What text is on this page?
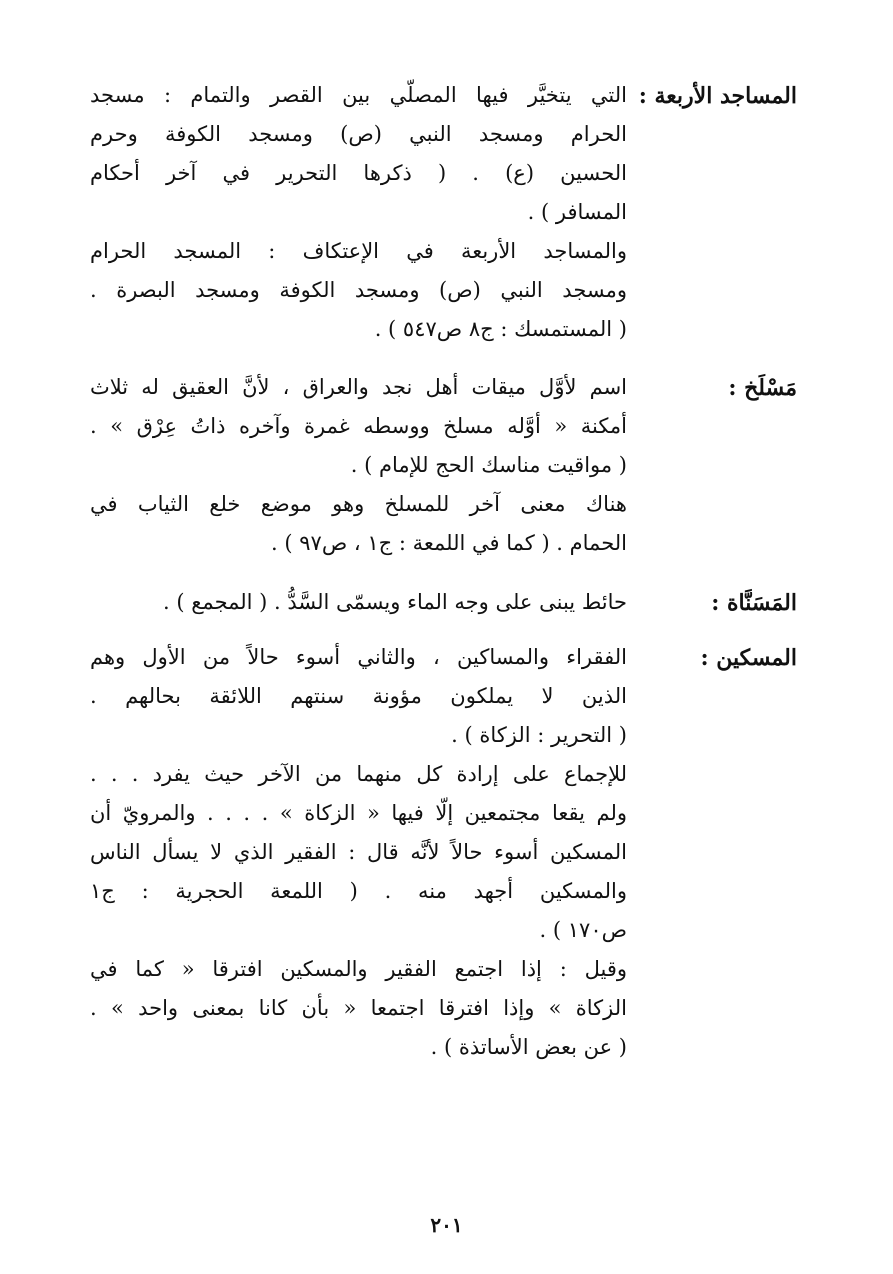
المساجد الأربعة :
التي يتخيَّر فيها المصلّي بين القصر والتمام : مسجد
الحرام ومسجد النبي (ص) ومسجد الكوفة وحرم
الحسين (ع) . ( ذكرها التحرير في آخر أحكام
المسافر ) .
والمساجد الأربعة في الإعتكاف : المسجد الحرام
ومسجد النبي (ص) ومسجد الكوفة ومسجد البصرة .
( المستمسك : ج٨ ص٥٤٧ ) .
مَسْلَخ :
اسم لأوَّل ميقات أهل نجد والعراق ، لأنَّ العقيق له ثلاث
أمكنة « أوَّله مسلخ ووسطه غمرة وآخره ذاتُ عِرْق » .
( مواقيت مناسك الحج للإمام ) .
هناك معنى آخر للمسلخ وهو موضع خلع الثياب في
الحمام . ( كما في اللمعة : ج١ ، ص٩٧ ) .
المَسَنَّاة :
حائط يبنى على وجه الماء ويسمّى السَّدُّ . ( المجمع ) .
المسكين :
الفقراء والمساكين ، والثاني أسوء حالاً من الأول وهم
الذين لا يملكون مؤونة سنتهم اللائقة بحالهم .
( التحرير : الزكاة ) .
للإجماع على إرادة كل منهما من الآخر حيث يفرد . . .
ولم يقعا مجتمعين إلّا فيها « الزكاة » . . . . والمرويّ أن
المسكين أسوء حالاً لأنَّه قال : الفقير الذي لا يسأل الناس
والمسكين أجهد منه . ( اللمعة الحجرية : ج١
ص١٧٠ ) .
وقيل : إذا اجتمع الفقير والمسكين افترقا « كما في
الزكاة » وإذا افترقا اجتمعا « بأن كانا بمعنى واحد » .
( عن بعض الأساتذة ) .
٢٠١
